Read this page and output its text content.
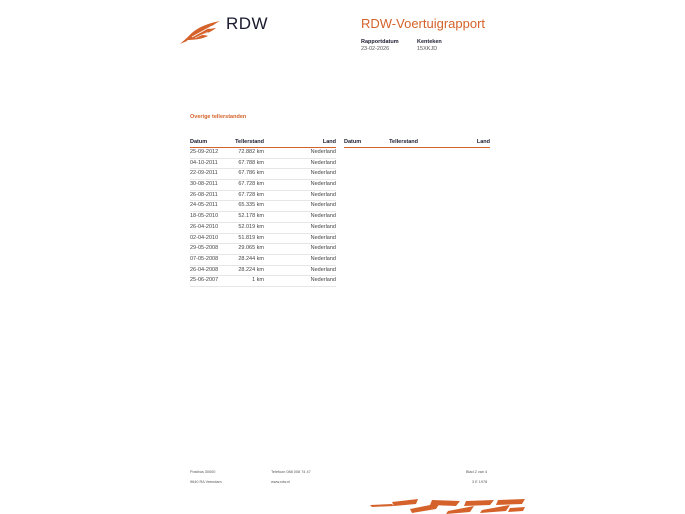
RDW	RDW-Voertuigrapport
Rapportdatum
23-02-2026
Kenteken
15XKJD
Overige tellerstanden
Datum	Tellerstand	Land
25-09-2012	72.882 km	Nederland
04-10-2011	67.788 km	Nederland
22-09-2011	67.786 km	Nederland
30-08-2011	67.728 km	Nederland
26-08-2011	67.728 km	Nederland
24-05-2011	65.335 km	Nederland
18-05-2010	52.178 km	Nederland
26-04-2010	52.019 km	Nederland
02-04-2010	51.819 km	Nederland
29-05-2008	29.065 km	Nederland
07-05-2008	28.244 km	Nederland
26-04-2008	28.224 km	Nederland
25-06-2007	1 km	Nederland
Datum	Tellerstand	Land
Postbus 30000
9640 RA Veendam
Telefoon 088 008 74 47
www.rdw.nl
Blad 2 van 4
3 E 1978
